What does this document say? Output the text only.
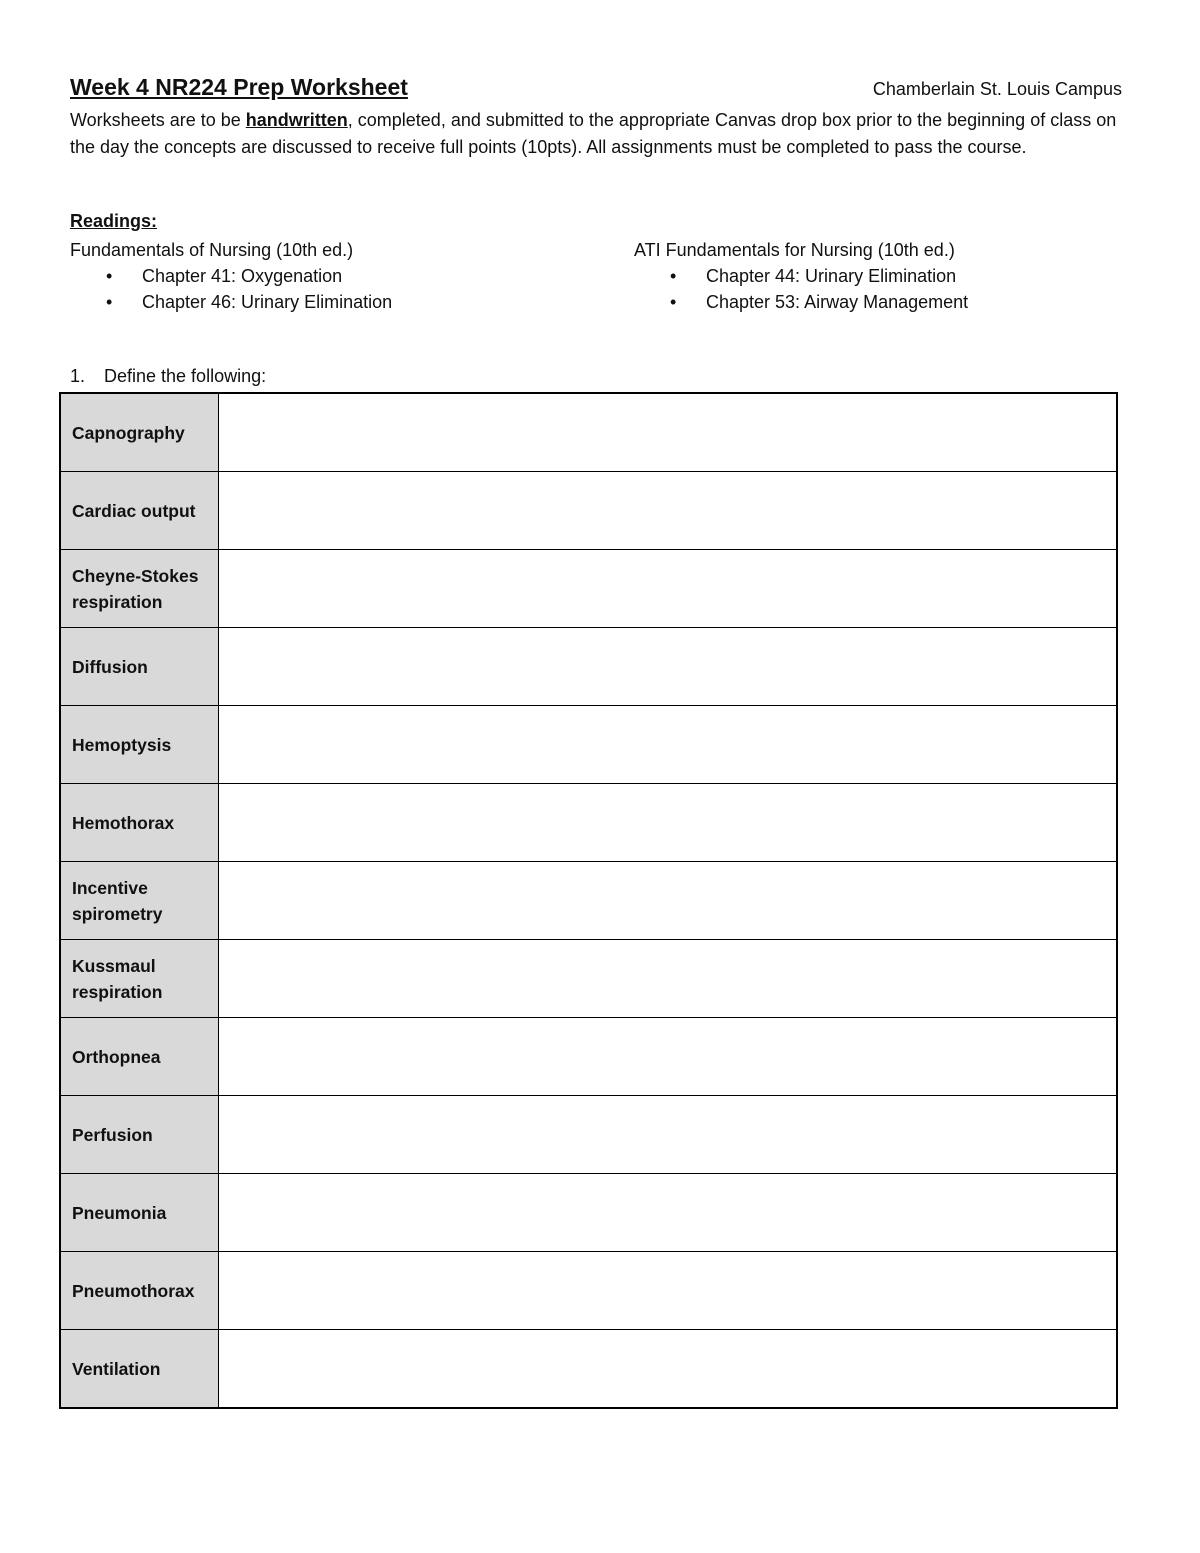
Week 4 NR224 Prep Worksheet	Chamberlain St. Louis Campus
Worksheets are to be handwritten, completed, and submitted to the appropriate Canvas drop box prior to the beginning of class on the day the concepts are discussed to receive full points (10pts). All assignments must be completed to pass the course.
Readings:
Fundamentals of Nursing (10th ed.)
• Chapter 41: Oxygenation
• Chapter 46: Urinary Elimination
ATI Fundamentals for Nursing (10th ed.)
• Chapter 44: Urinary Elimination
• Chapter 53: Airway Management
1. Define the following:
Capnography	
Cardiac output	
Cheyne-Stokes respiration	
Diffusion	
Hemoptysis	
Hemothorax	
Incentive spirometry	
Kussmaul respiration	
Orthopnea	
Perfusion	
Pneumonia	
Pneumothorax	
Ventilation	
